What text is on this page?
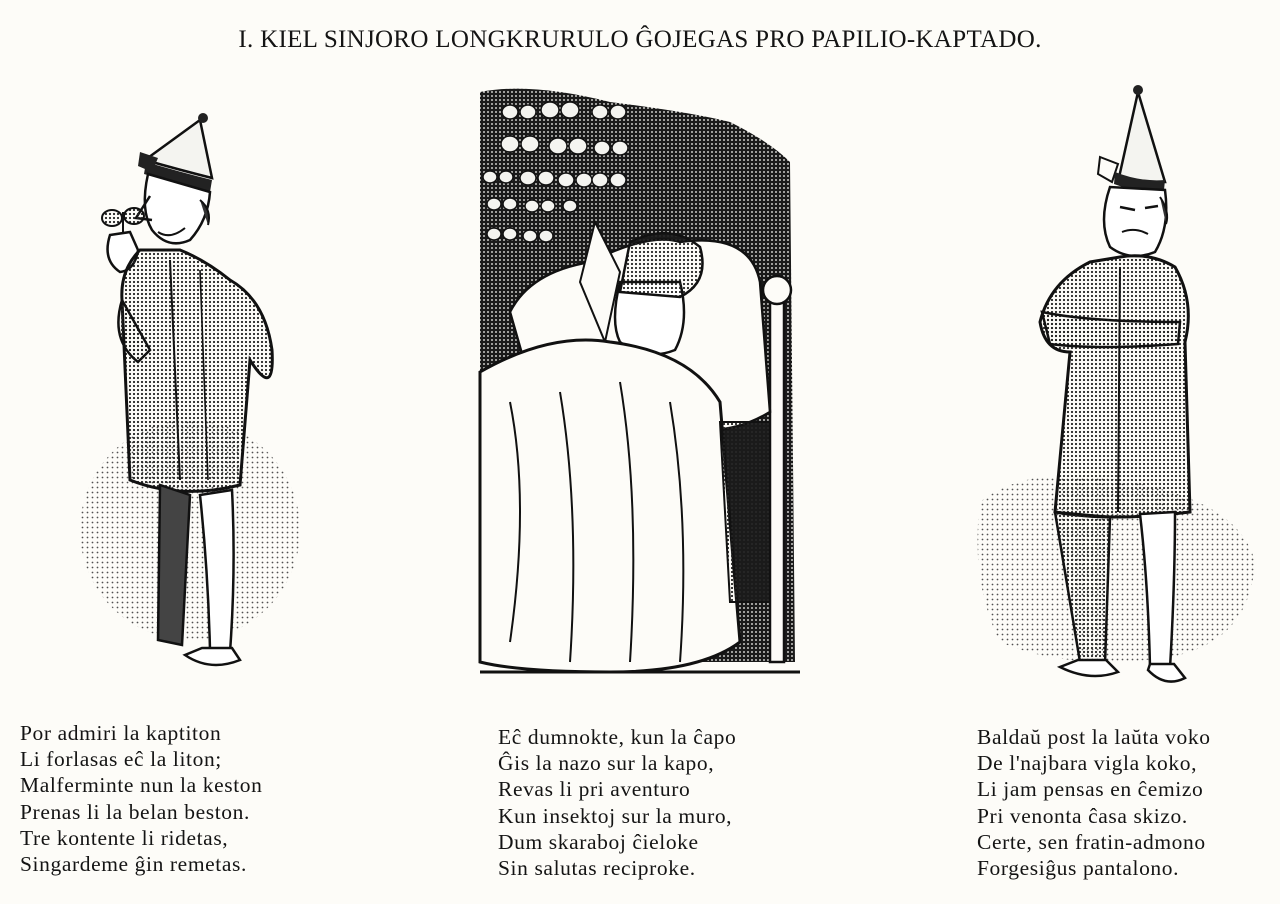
I. KIEL SINJORO LONGKRURULO ĜOJEGAS PRO PAPILIO-KAPTADO.
Por admiri la kaptiton
Li forlasas eĉ la liton;
Malferminte nun la keston
Prenas li la belan beston.
Tre kontente li ridetas,
Singardeme ĝin remetas.
Eĉ dumnokte, kun la ĉapo
Ĝis la nazo sur la kapo,
Revas li pri aventuro
Kun insektoj sur la muro,
Dum skaraboj ĉieloke
Sin salutas reciproke.
Baldaŭ post la laŭta voko
De l'najbara vigla koko,
Li jam pensas en ĉemizo
Pri venonta ĉasa skizo.
Certe, sen fratin-admono
Forgesiĝus pantalono.
